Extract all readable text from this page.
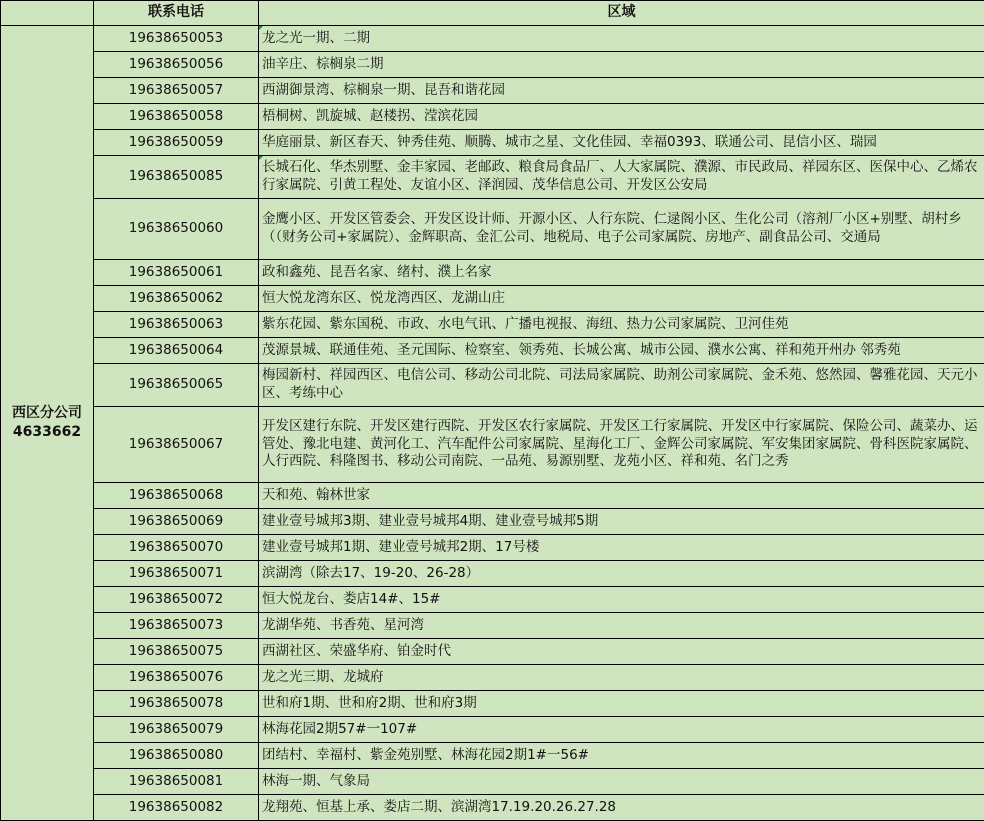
	联系电话	区域

西区分公司
4633662	19638650053	龙之光一期、二期
	19638650056	油辛庄、棕榈泉二期
	19638650057	西湖御景湾、棕榈泉一期、昆吾和谐花园
	19638650058	梧桐树、凯旋城、赵楼拐、滢滨花园
	19638650059	华庭丽景、新区春天、钟秀佳苑、顺腾、城市之星、文化佳园、幸福0393、联通公司、昆信小区、瑞园
	19638650085	长城石化、华杰别墅、金丰家园、老邮政、粮食局食品厂、人大家属院、濮源、市民政局、祥园东区、医保中心、乙烯农行家属院、引黄工程处、友谊小区、泽润园、茂华信息公司、开发区公安局
	19638650060	金鹰小区、开发区管委会、开发区设计师、开源小区、人行东院、仁逯阁小区、生化公司（溶剂厂小区+别墅、胡村乡（（财务公司+家属院）、金辉职高、金汇公司、地税局、电子公司家属院、房地产、副食品公司、交通局
	19638650061	政和鑫苑、昆吾名家、绪村、濮上名家
	19638650062	恒大悦龙湾东区、悦龙湾西区、龙湖山庄
	19638650063	紫东花园、紫东国税、市政、水电气讯、广播电视报、海纽、热力公司家属院、卫河佳苑
	19638650064	茂源景城、联通佳苑、圣元国际、检察室、领秀苑、长城公寓、城市公园、濮水公寓、祥和苑开州办 邻秀苑
	19638650065	梅园新村、祥园西区、电信公司、移动公司北院、司法局家属院、助剂公司家属院、金禾苑、悠然园、馨雅花园、天元小区、考练中心
	19638650067	开发区建行东院、开发区建行西院、开发区农行家属院、开发区工行家属院、开发区中行家属院、保险公司、蔬菜办、运管处、豫北电建、黄河化工、汽车配件公司家属院、星海化工厂、金辉公司家属院、军安集团家属院、骨科医院家属院、人行西院、科隆图书、移动公司南院、一品苑、易源别墅、龙苑小区、祥和苑、名门之秀
	19638650068	天和苑、翰林世家
	19638650069	建业壹号城邦3期、建业壹号城邦4期、建业壹号城邦5期
	19638650070	建业壹号城邦1期、建业壹号城邦2期、17号楼
	19638650071	滨湖湾（除去17、19-20、26-28）
	19638650072	恒大悦龙台、娄店14#、15#
	19638650073	龙湖华苑、书香苑、星河湾
	19638650075	西湖社区、荣盛华府、铂金时代
	19638650076	龙之光三期、龙城府
	19638650078	世和府1期、世和府2期、世和府3期
	19638650079	林海花园2期57#一107#
	19638650080	团结村、幸福村、紫金苑别墅、林海花园2期1#一56#
	19638650081	林海一期、气象局
	19638650082	龙翔苑、恒基上承、娄店二期、滨湖湾17.19.20.26.27.28
